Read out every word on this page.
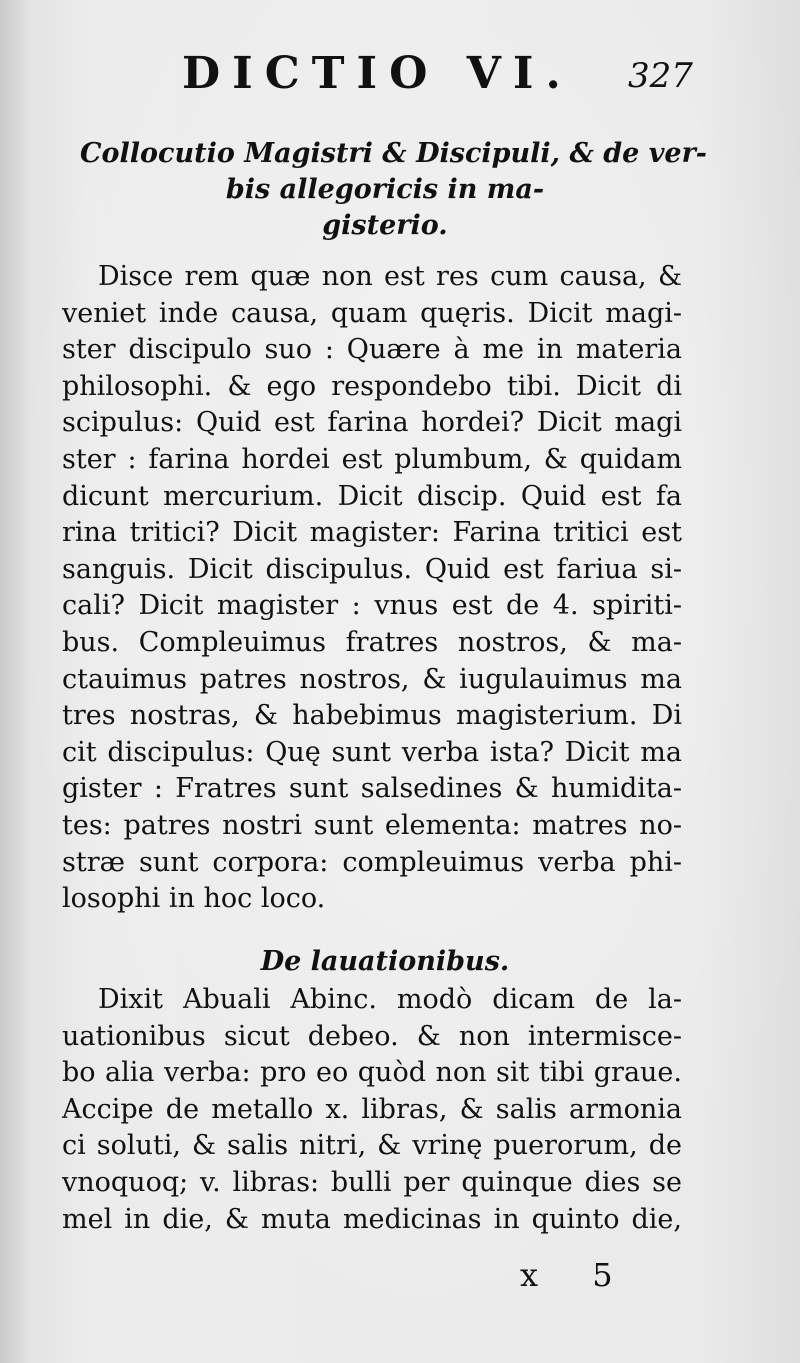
DICTIO VI. 327
Collocutio Magistri & Discipuli, & de ver-
bis allegoricis in ma-
gisterio.
Disce rem quæ non est res cum causa, &
veniet inde causa, quam quęris. Dicit magi-
ster discipulo suo : Quære à me in materia
philosophi. & ego respondebo tibi. Dicit di
scipulus: Quid est farina hordei? Dicit magi
ster : farina hordei est plumbum, & quidam
dicunt mercurium. Dicit discip. Quid est fa
rina tritici? Dicit magister: Farina tritici est
sanguis. Dicit discipulus. Quid est fariua si-
cali? Dicit magister : vnus est de 4. spiriti-
bus. Compleuimus fratres nostros, & ma-
ctauimus patres nostros, & iugulauimus ma
tres nostras, & habebimus magisterium. Di
cit discipulus: Quę sunt verba ista? Dicit ma
gister : Fratres sunt salsedines & humidita-
tes: patres nostri sunt elementa: matres no-
stræ sunt corpora: compleuimus verba phi-
losophi in hoc loco.
De lauationibus.
Dixit Abuali Abinc. modò dicam de la-
uationibus sicut debeo. & non intermisce-
bo alia verba: pro eo quòd non sit tibi graue.
Accipe de metallo x. libras, & salis armonia
ci soluti, & salis nitri, & vrinę puerorum, de
vnoquoq; v. libras: bulli per quinque dies se
mel in die, & muta medicinas in quinto die,
x 5
